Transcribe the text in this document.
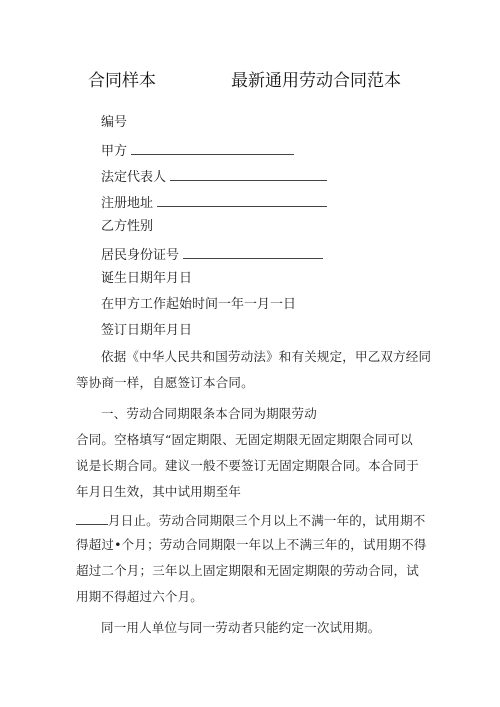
合同样本	最新通用劳动合同范本
编号
甲方
法定代表人
注册地址
乙方性别
居民身份证号
诞生日期年月日
在甲方工作起始时间一年一月一日
签订日期年月日
依据《中华人民共和国劳动法》和有关规定，甲乙双方经同
等协商一样，自愿签订本合同。
一、劳动合同期限条本合同为期限劳动
合同。空格填写“固定期限、无固定期限无固定期限合同可以
说是长期合同。建议一般不要签订无固定期限合同。本合同于
年月日生效，其中试用期至年
月日止。劳动合同期限三个月以上不满一年的，试用期不
得超过•个月；劳动合同期限一年以上不满三年的，试用期不得
超过二个月；三年以上固定期限和无固定期限的劳动合同，试
用期不得超过六个月。
同一用人单位与同一劳动者只能约定一次试用期。
